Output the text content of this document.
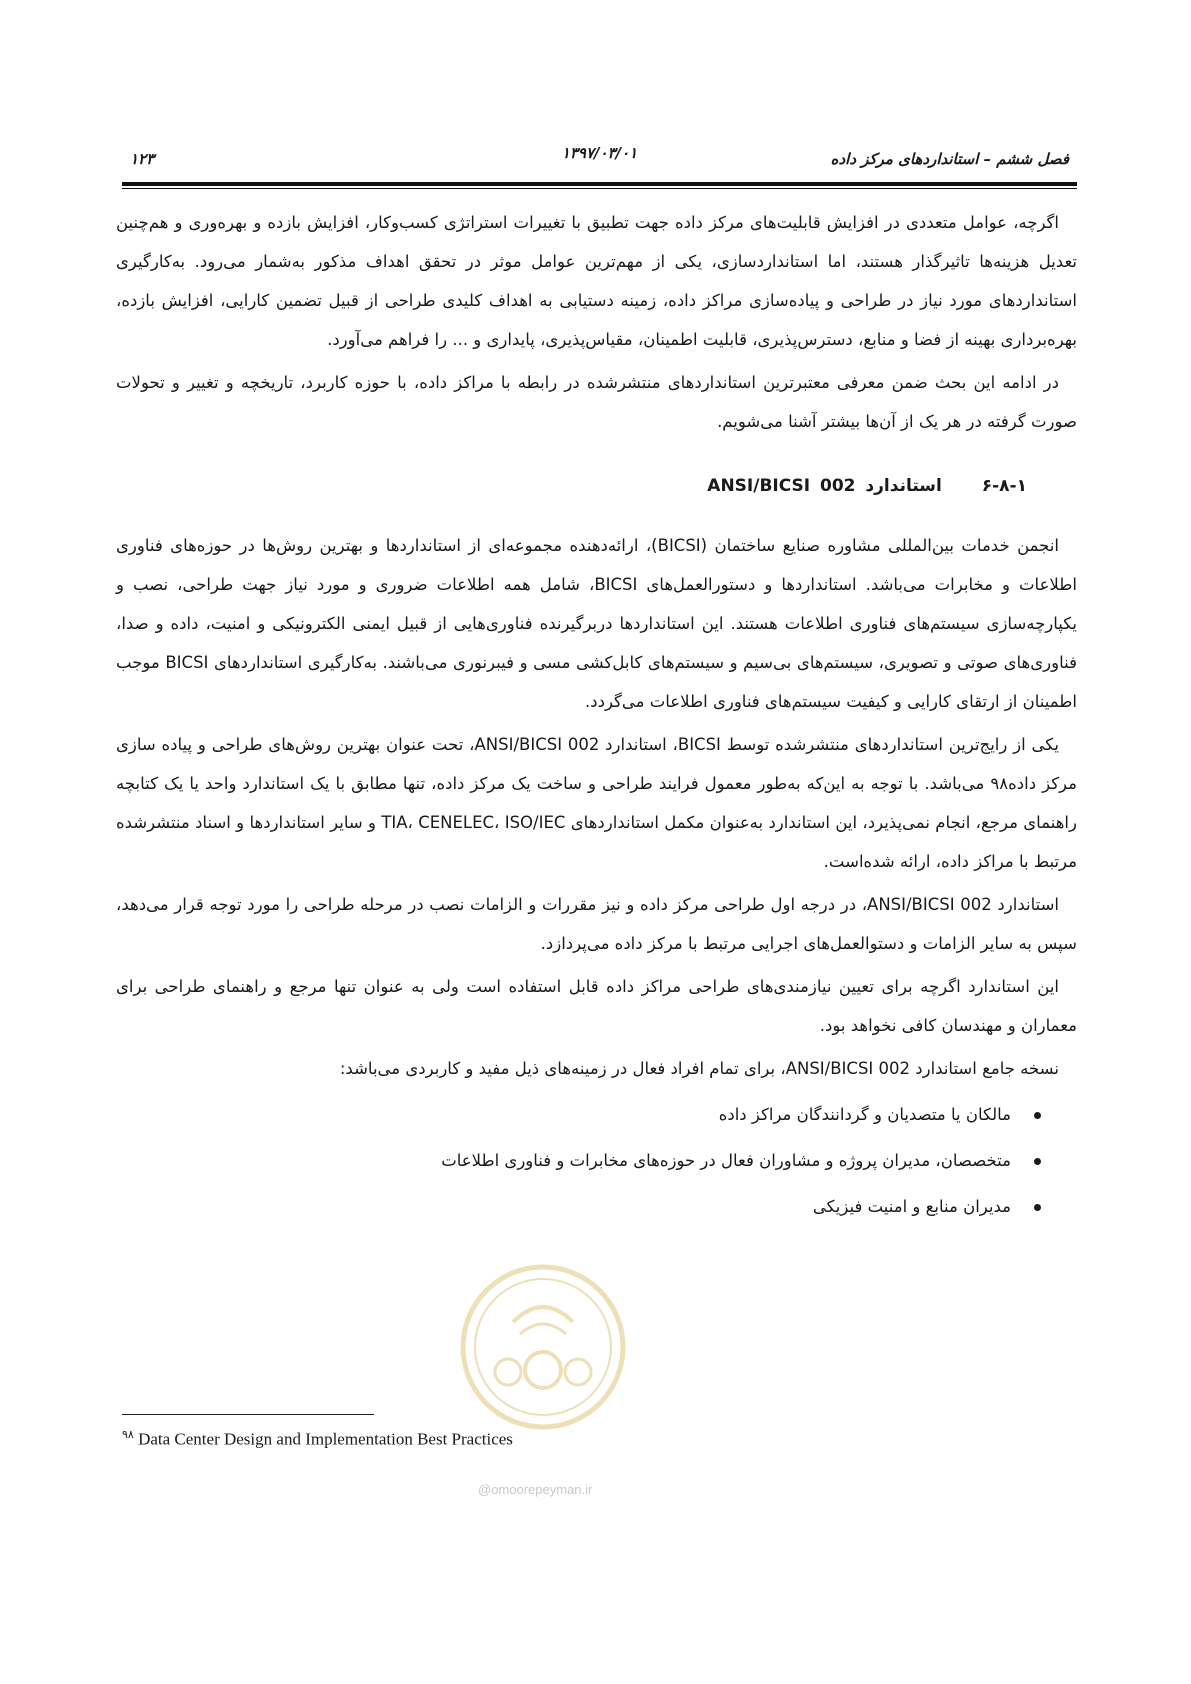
فصل ششم – استانداردهای مرکز داده
۱۳۹۷/۰۳/۰۱
۱۲۳

اگرچه، عوامل متعددی در افزایش قابلیت‌های مرکز داده جهت تطبیق با تغییرات استراتژی کسب‌وکار، افزایش بازده و بهره‌وری و هم‌چنین تعدیل هزینه‌ها تاثیرگذار هستند، اما استانداردسازی، یکی از مهم‌ترین عوامل موثر در تحقق اهداف مذکور به‌شمار می‌رود. به‌کارگیری استانداردهای مورد نیاز در طراحی و پیاده‌سازی مراکز داده، زمینه دستیابی به اهداف کلیدی طراحی از قبیل تضمین کارایی، افزایش بازده، بهره‌برداری بهینه از فضا و منابع، دسترس‌پذیری، قابلیت اطمینان، مقیاس‌پذیری، پایداری و ... را فراهم می‌آورد.

در ادامه این بحث ضمن معرفی معتبرترین استانداردهای منتشرشده در رابطه با مراکز داده، با حوزه کاربرد، تاریخچه و تغییر و تحولات صورت گرفته در هر یک از آن‌ها بیشتر آشنا می‌شویم.

۶-۸-۱ استاندارد ANSI/BICSI 002

انجمن خدمات بین‌المللی مشاوره صنایع ساختمان (BICSI)، ارائه‌دهنده مجموعه‌ای از استانداردها و بهترین روش‌ها در حوزه‌های فناوری اطلاعات و مخابرات می‌باشد. استانداردها و دستورالعمل‌های BICSI، شامل همه اطلاعات ضروری و مورد نیاز جهت طراحی، نصب و یکپارچه‌سازی سیستم‌های فناوری اطلاعات هستند. این استانداردها دربرگیرنده فناوری‌هایی از قبیل ایمنی الکترونیکی و امنیت، داده و صدا، فناوری‌های صوتی و تصویری، سیستم‌های بی‌سیم و سیستم‌های کابل‌کشی مسی و فیبرنوری می‌باشند. به‌کارگیری استانداردهای BICSI موجب اطمینان از ارتقای کارایی و کیفیت سیستم‌های فناوری اطلاعات می‌گردد.

یکی از رایج‌ترین استانداردهای منتشرشده توسط BICSI، استاندارد ANSI/BICSI 002، تحت عنوان بهترین روش‌های طراحی و پیاده سازی مرکز داده۹۸ می‌باشد. با توجه به این‌که به‌طور معمول فرایند طراحی و ساخت یک مرکز داده، تنها مطابق با یک استاندارد واحد یا یک کتابچه راهنمای مرجع، انجام نمی‌پذیرد، این استاندارد به‌عنوان مکمل استانداردهای TIA، CENELEC، ISO/IEC و سایر استانداردها و اسناد منتشرشده مرتبط با مراکز داده، ارائه شده‌است.

استاندارد ANSI/BICSI 002، در درجه اول طراحی مرکز داده و نیز مقررات و الزامات نصب در مرحله طراحی را مورد توجه قرار می‌دهد، سپس به سایر الزامات و دستوالعمل‌های اجرایی مرتبط با مرکز داده می‌پردازد.

این استاندارد اگرچه برای تعیین نیازمندی‌های طراحی مراکز داده قابل استفاده است ولی به عنوان تنها مرجع و راهنمای طراحی برای معماران و مهندسان کافی نخواهد بود.

نسخه جامع استاندارد ANSI/BICSI 002، برای تمام افراد فعال در زمینه‌های ذیل مفید و کاربردی می‌باشد:

مالکان یا متصدیان و گردانندگان مراکز داده
متخصصان، مدیران پروژه و مشاوران فعال در حوزه‌های مخابرات و فناوری اطلاعات
مدیران منابع و امنیت فیزیکی
@omoorepeyman.ir
$^{۹۸}$ Data Center Design and Implementation Best Practices
